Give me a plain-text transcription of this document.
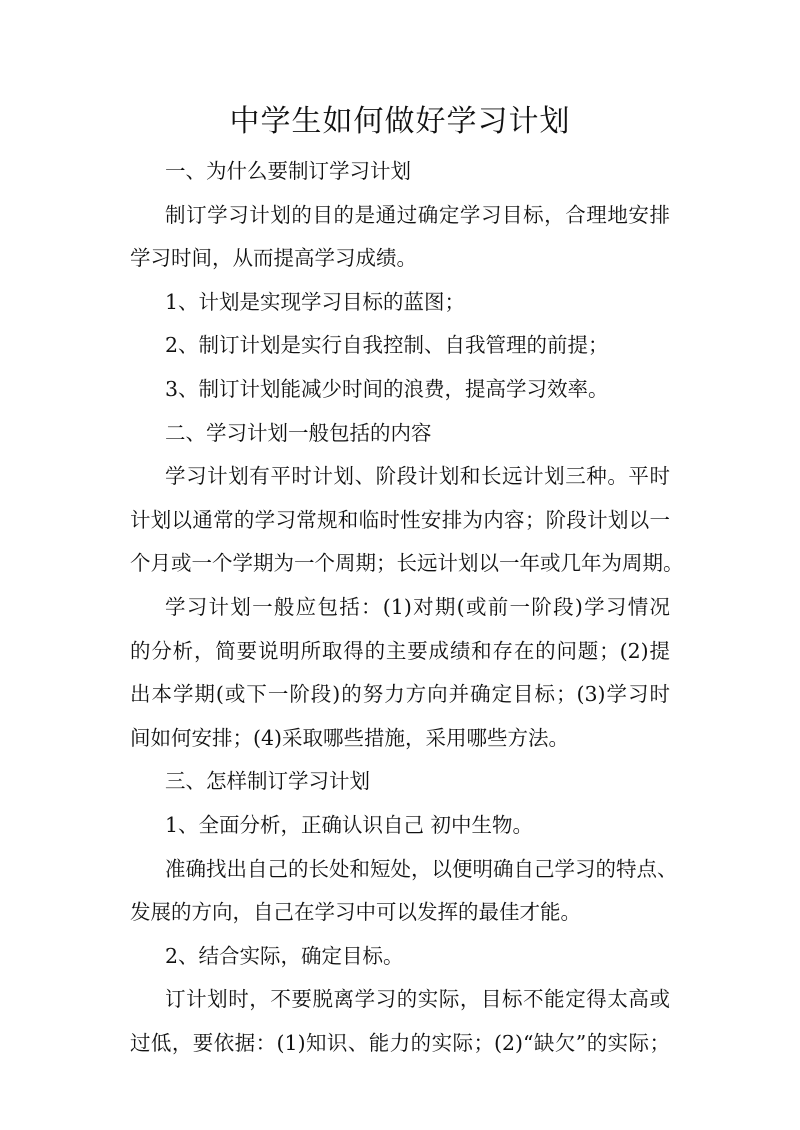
中学生如何做好学习计划
一、为什么要制订学习计划
制订学习计划的目的是通过确定学习目标，合理地安排
学习时间，从而提高学习成绩。
1、计划是实现学习目标的蓝图；
2、制订计划是实行自我控制、自我管理的前提；
3、制订计划能减少时间的浪费，提高学习效率。
二、学习计划一般包括的内容
学习计划有平时计划、阶段计划和长远计划三种。平时
计划以通常的学习常规和临时性安排为内容；阶段计划以一
个月或一个学期为一个周期；长远计划以一年或几年为周期。
学习计划一般应包括：(1)对期(或前一阶段)学习情况
的分析，简要说明所取得的主要成绩和存在的问题；(2)提
出本学期(或下一阶段)的努力方向并确定目标；(3)学习时
间如何安排；(4)采取哪些措施，采用哪些方法。
三、怎样制订学习计划
1、全面分析，正确认识自己 初中生物。
准确找出自己的长处和短处，以便明确自己学习的特点、
发展的方向，自己在学习中可以发挥的最佳才能。
2、结合实际，确定目标。
订计划时，不要脱离学习的实际，目标不能定得太高或
过低，要依据：(1)知识、能力的实际；(2)“缺欠”的实际；
